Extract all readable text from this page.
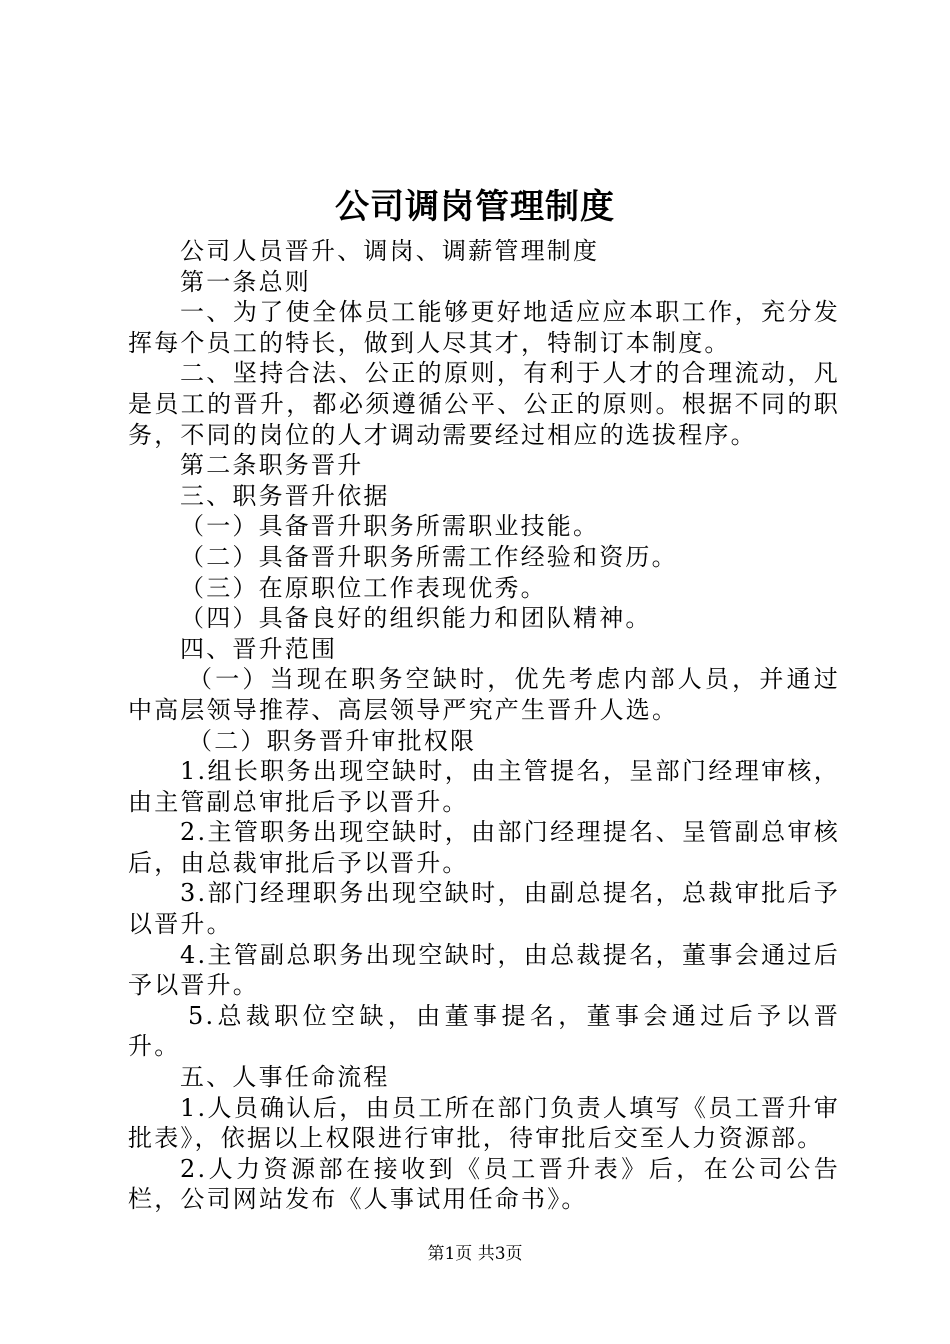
公司调岗管理制度

公司人员晋升、调岗、调薪管理制度

第一条总则

一、为了使全体员工能够更好地适应应本职工作，充分发挥每个员工的特长，做到人尽其才，特制订本制度。

二、坚持合法、公正的原则，有利于人才的合理流动，凡是员工的晋升，都必须遵循公平、公正的原则。根据不同的职务，不同的岗位的人才调动需要经过相应的选拔程序。

第二条职务晋升

三、职务晋升依据

（一）具备晋升职务所需职业技能。

（二）具备晋升职务所需工作经验和资历。

（三）在原职位工作表现优秀。

（四）具备良好的组织能力和团队精神。

四、晋升范围

（一）当现在职务空缺时，优先考虑内部人员，并通过中高层领导推荐、高层领导严究产生晋升人选。

（二）职务晋升审批权限

1.组长职务出现空缺时，由主管提名，呈部门经理审核，由主管副总审批后予以晋升。

2.主管职务出现空缺时，由部门经理提名、呈管副总审核后，由总裁审批后予以晋升。

3.部门经理职务出现空缺时，由副总提名，总裁审批后予以晋升。

4.主管副总职务出现空缺时，由总裁提名，董事会通过后予以晋升。

5.总裁职位空缺，由董事提名，董事会通过后予以晋升。

五、人事任命流程

1.人员确认后，由员工所在部门负责人填写《员工晋升审批表》，依据以上权限进行审批，待审批后交至人力资源部。

2.人力资源部在接收到《员工晋升表》后，在公司公告栏，公司网站发布《人事试用任命书》。

第1页 共3页
